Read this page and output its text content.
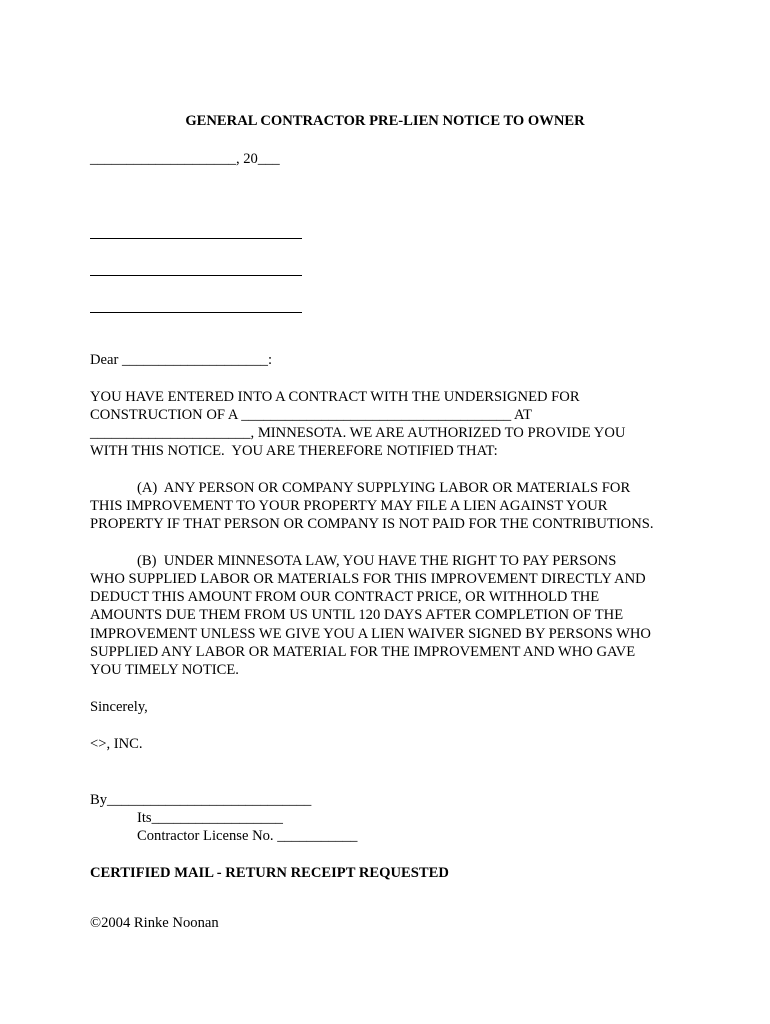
GENERAL CONTRACTOR PRE-LIEN NOTICE TO OWNER
____________________, 20___
Dear ____________________:
YOU HAVE ENTERED INTO A CONTRACT WITH THE UNDERSIGNED FOR
CONSTRUCTION OF A _____________________________________ AT
______________________, MINNESOTA. WE ARE AUTHORIZED TO PROVIDE YOU
WITH THIS NOTICE.  YOU ARE THEREFORE NOTIFIED THAT:
(A)  ANY PERSON OR COMPANY SUPPLYING LABOR OR MATERIALS FOR
THIS IMPROVEMENT TO YOUR PROPERTY MAY FILE A LIEN AGAINST YOUR
PROPERTY IF THAT PERSON OR COMPANY IS NOT PAID FOR THE CONTRIBUTIONS.
(B)  UNDER MINNESOTA LAW, YOU HAVE THE RIGHT TO PAY PERSONS
WHO SUPPLIED LABOR OR MATERIALS FOR THIS IMPROVEMENT DIRECTLY AND
DEDUCT THIS AMOUNT FROM OUR CONTRACT PRICE, OR WITHHOLD THE
AMOUNTS DUE THEM FROM US UNTIL 120 DAYS AFTER COMPLETION OF THE
IMPROVEMENT UNLESS WE GIVE YOU A LIEN WAIVER SIGNED BY PERSONS WHO
SUPPLIED ANY LABOR OR MATERIAL FOR THE IMPROVEMENT AND WHO GAVE
YOU TIMELY NOTICE.
Sincerely,
<>, INC.
By____________________________
Its__________________
Contractor License No. ___________
CERTIFIED MAIL - RETURN RECEIPT REQUESTED
©2004 Rinke Noonan
